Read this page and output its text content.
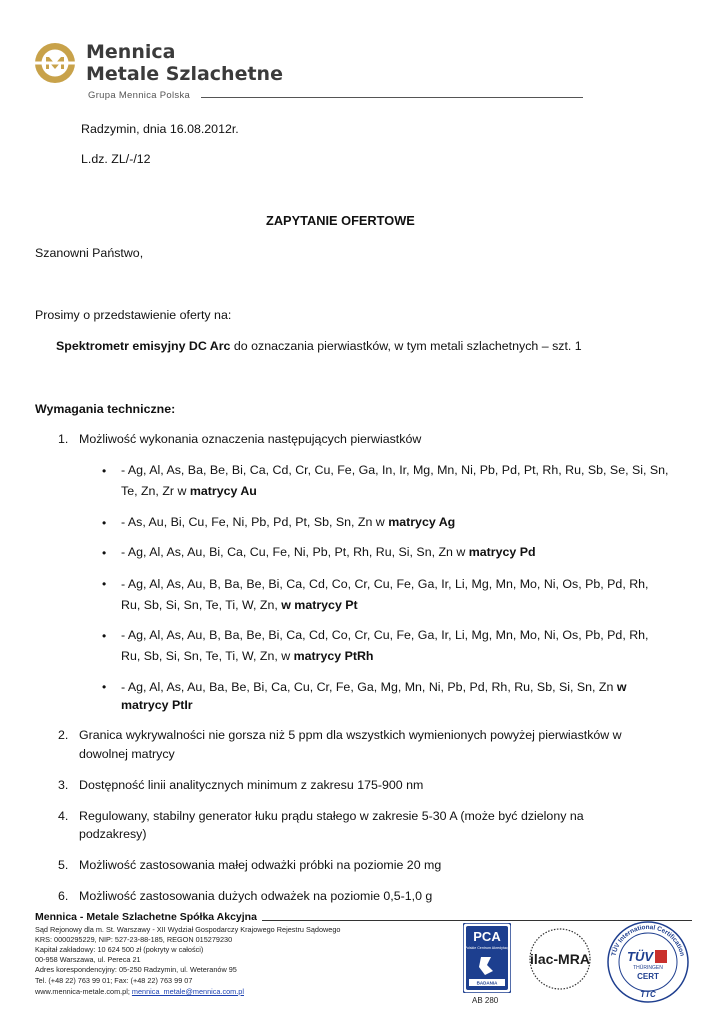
Mennica
Metale Szlachetne
Grupa Mennica Polska
Radzymin, dnia 16.08.2012r.
L.dz. ZL/-/12
ZAPYTANIE OFERTOWE
Szanowni Państwo,
Prosimy o przedstawienie oferty na:
Spektrometr emisyjny DC Arc do oznaczania pierwiastków, w tym metali szlachetnych – szt. 1
Wymagania techniczne:
1. Możliwość wykonania oznaczenia następujących pierwiastków
• - Ag, Al, As, Ba, Be, Bi, Ca, Cd, Cr, Cu, Fe, Ga, In, Ir, Mg, Mn, Ni, Pb, Pd, Pt, Rh, Ru, Sb, Se, Si, Sn,
Te, Zn, Zr w matrycy Au
• - As, Au, Bi, Cu, Fe, Ni, Pb, Pd, Pt, Sb, Sn, Zn w matrycy Ag
• - Ag, Al, As, Au, Bi, Ca, Cu, Fe, Ni, Pb, Pt, Rh, Ru, Si, Sn, Zn w matrycy Pd
• - Ag, Al, As, Au, B, Ba, Be, Bi, Ca, Cd, Co, Cr, Cu, Fe, Ga, Ir, Li, Mg, Mn, Mo, Ni, Os, Pb, Pd, Rh,
Ru, Sb, Si, Sn, Te, Ti, W, Zn, w matrycy Pt
• - Ag, Al, As, Au, B, Ba, Be, Bi, Ca, Cd, Co, Cr, Cu, Fe, Ga, Ir, Li, Mg, Mn, Mo, Ni, Os, Pb, Pd, Rh,
Ru, Sb, Si, Sn, Te, Ti, W, Zn, w matrycy PtRh
• - Ag, Al, As, Au, Ba, Be, Bi, Ca, Cu, Cr, Fe, Ga, Mg, Mn, Ni, Pb, Pd, Rh, Ru, Sb, Si, Sn, Zn w
matrycy PtIr
2. Granica wykrywalności nie gorsza niż 5 ppm dla wszystkich wymienionych powyżej pierwiastków w
dowolnej matrycy
3. Dostępność linii analitycznych minimum z zakresu 175-900 nm
4. Regulowany, stabilny generator łuku prądu stałego w zakresie 5-30 A (może być dzielony na
podzakresy)
5. Możliwość zastosowania małej odważki próbki na poziomie 20 mg
6. Możliwość zastosowania dużych odważek na poziomie 0,5-1,0 g
Mennica - Metale Szlachetne Spółka Akcyjna
Sąd Rejonowy dla m. St. Warszawy - XII Wydział Gospodarczy Krajowego Rejestru Sądowego
KRS: 0000295229, NIP: 527-23-88-185, REGON 015279230
Kapitał zakładowy: 10 624 500 zł (pokryty w całości)
00-958 Warszawa, ul. Pereca 21
Adres korespondencyjny: 05-250 Radzymin, ul. Weteranów 95
Tel. (+48 22) 763 99 01; Fax: (+48 22) 763 99 07
www.mennica-metale.com.pl; mennica_metale@mennica.com.pl
PCA
Polskie Centrum Akredytacji
BADANIA
AB 280
ilac-MRA	TÜV International Certification
TÜV
THÜRINGEN
CERT
TTC
